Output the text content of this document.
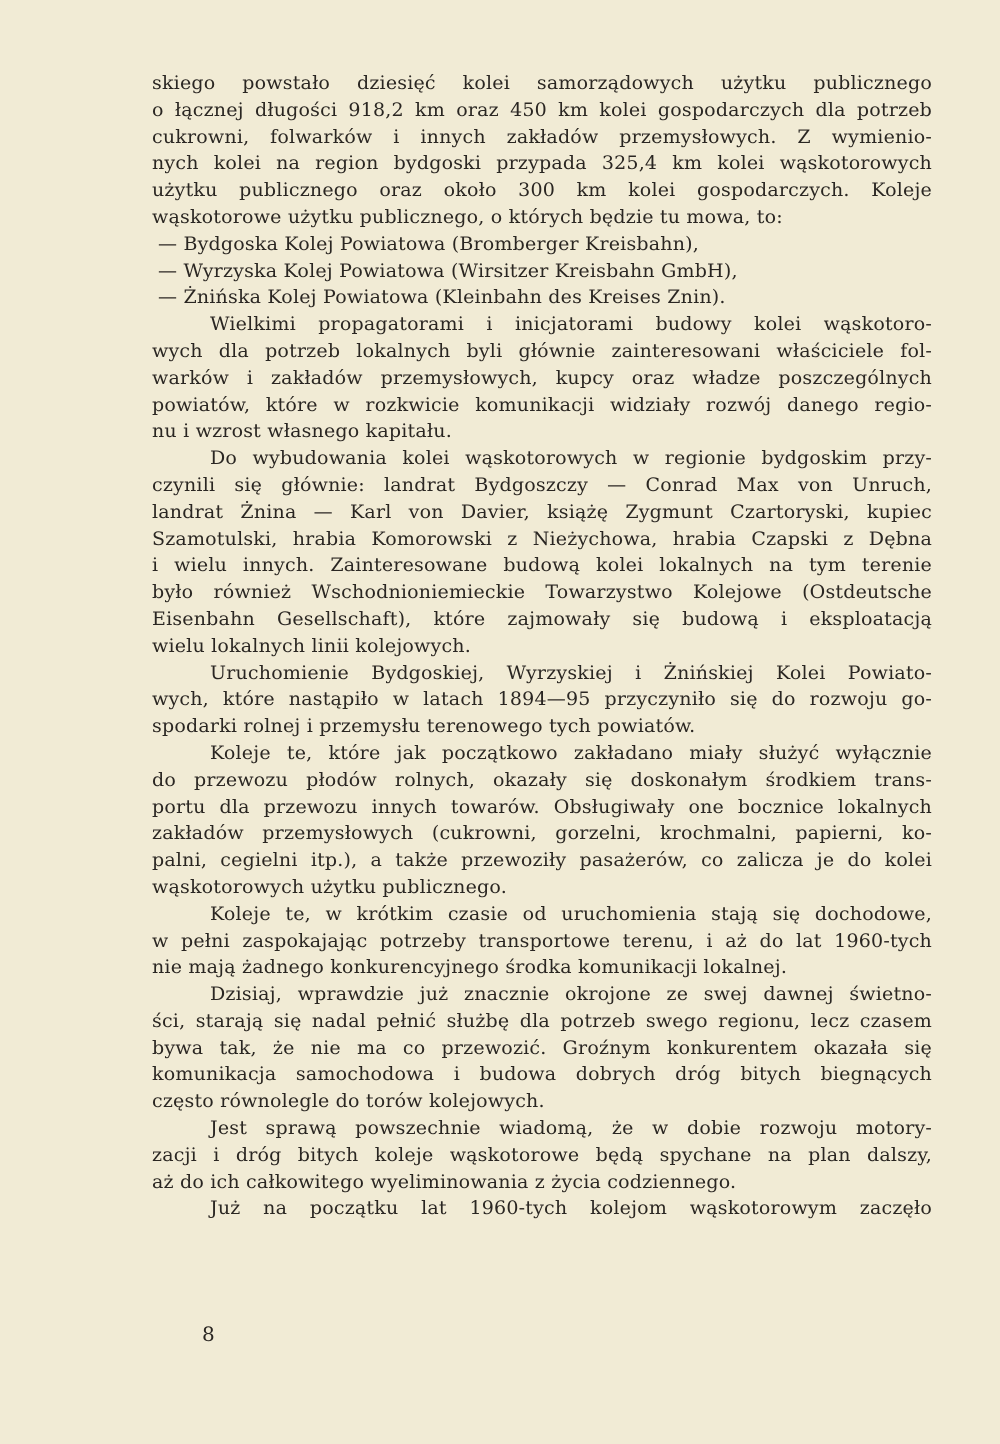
skiego powstało dziesięć kolei samorządowych użytku publicznego
o łącznej długości 918,2 km oraz 450 km kolei gospodarczych dla potrzeb
cukrowni, folwarków i innych zakładów przemysłowych. Z wymienio-
nych kolei na region bydgoski przypada 325,4 km kolei wąskotorowych
użytku publicznego oraz około 300 km kolei gospodarczych. Koleje
wąskotorowe użytku publicznego, o których będzie tu mowa, to:
— Bydgoska Kolej Powiatowa (Bromberger Kreisbahn),
— Wyrzyska Kolej Powiatowa (Wirsitzer Kreisbahn GmbH),
— Żnińska Kolej Powiatowa (Kleinbahn des Kreises Znin).
Wielkimi propagatorami i inicjatorami budowy kolei wąskotoro-
wych dla potrzeb lokalnych byli głównie zainteresowani właściciele fol-
warków i zakładów przemysłowych, kupcy oraz władze poszczególnych
powiatów, które w rozkwicie komunikacji widziały rozwój danego regio-
nu i wzrost własnego kapitału.
Do wybudowania kolei wąskotorowych w regionie bydgoskim przy-
czynili się głównie: landrat Bydgoszczy — Conrad Max von Unruch,
landrat Żnina — Karl von Davier, książę Zygmunt Czartoryski, kupiec
Szamotulski, hrabia Komorowski z Nieżychowa, hrabia Czapski z Dębna
i wielu innych. Zainteresowane budową kolei lokalnych na tym terenie
było również Wschodnioniemieckie Towarzystwo Kolejowe (Ostdeutsche
Eisenbahn Gesellschaft), które zajmowały się budową i eksploatacją
wielu lokalnych linii kolejowych.
Uruchomienie Bydgoskiej, Wyrzyskiej i Żnińskiej Kolei Powiato-
wych, które nastąpiło w latach 1894—95 przyczyniło się do rozwoju go-
spodarki rolnej i przemysłu terenowego tych powiatów.
Koleje te, które jak początkowo zakładano miały służyć wyłącznie
do przewozu płodów rolnych, okazały się doskonałym środkiem trans-
portu dla przewozu innych towarów. Obsługiwały one bocznice lokalnych
zakładów przemysłowych (cukrowni, gorzelni, krochmalni, papierni, ko-
palni, cegielni itp.), a także przewoziły pasażerów, co zalicza je do kolei
wąskotorowych użytku publicznego.
Koleje te, w krótkim czasie od uruchomienia stają się dochodowe,
w pełni zaspokajając potrzeby transportowe terenu, i aż do lat 1960-tych
nie mają żadnego konkurencyjnego środka komunikacji lokalnej.
Dzisiaj, wprawdzie już znacznie okrojone ze swej dawnej świetno-
ści, starają się nadal pełnić służbę dla potrzeb swego regionu, lecz czasem
bywa tak, że nie ma co przewozić. Groźnym konkurentem okazała się
komunikacja samochodowa i budowa dobrych dróg bitych biegnących
często równolegle do torów kolejowych.
Jest sprawą powszechnie wiadomą, że w dobie rozwoju motory-
zacji i dróg bitych koleje wąskotorowe będą spychane na plan dalszy,
aż do ich całkowitego wyeliminowania z życia codziennego.
Już na początku lat 1960-tych kolejom wąskotorowym zaczęło
8
